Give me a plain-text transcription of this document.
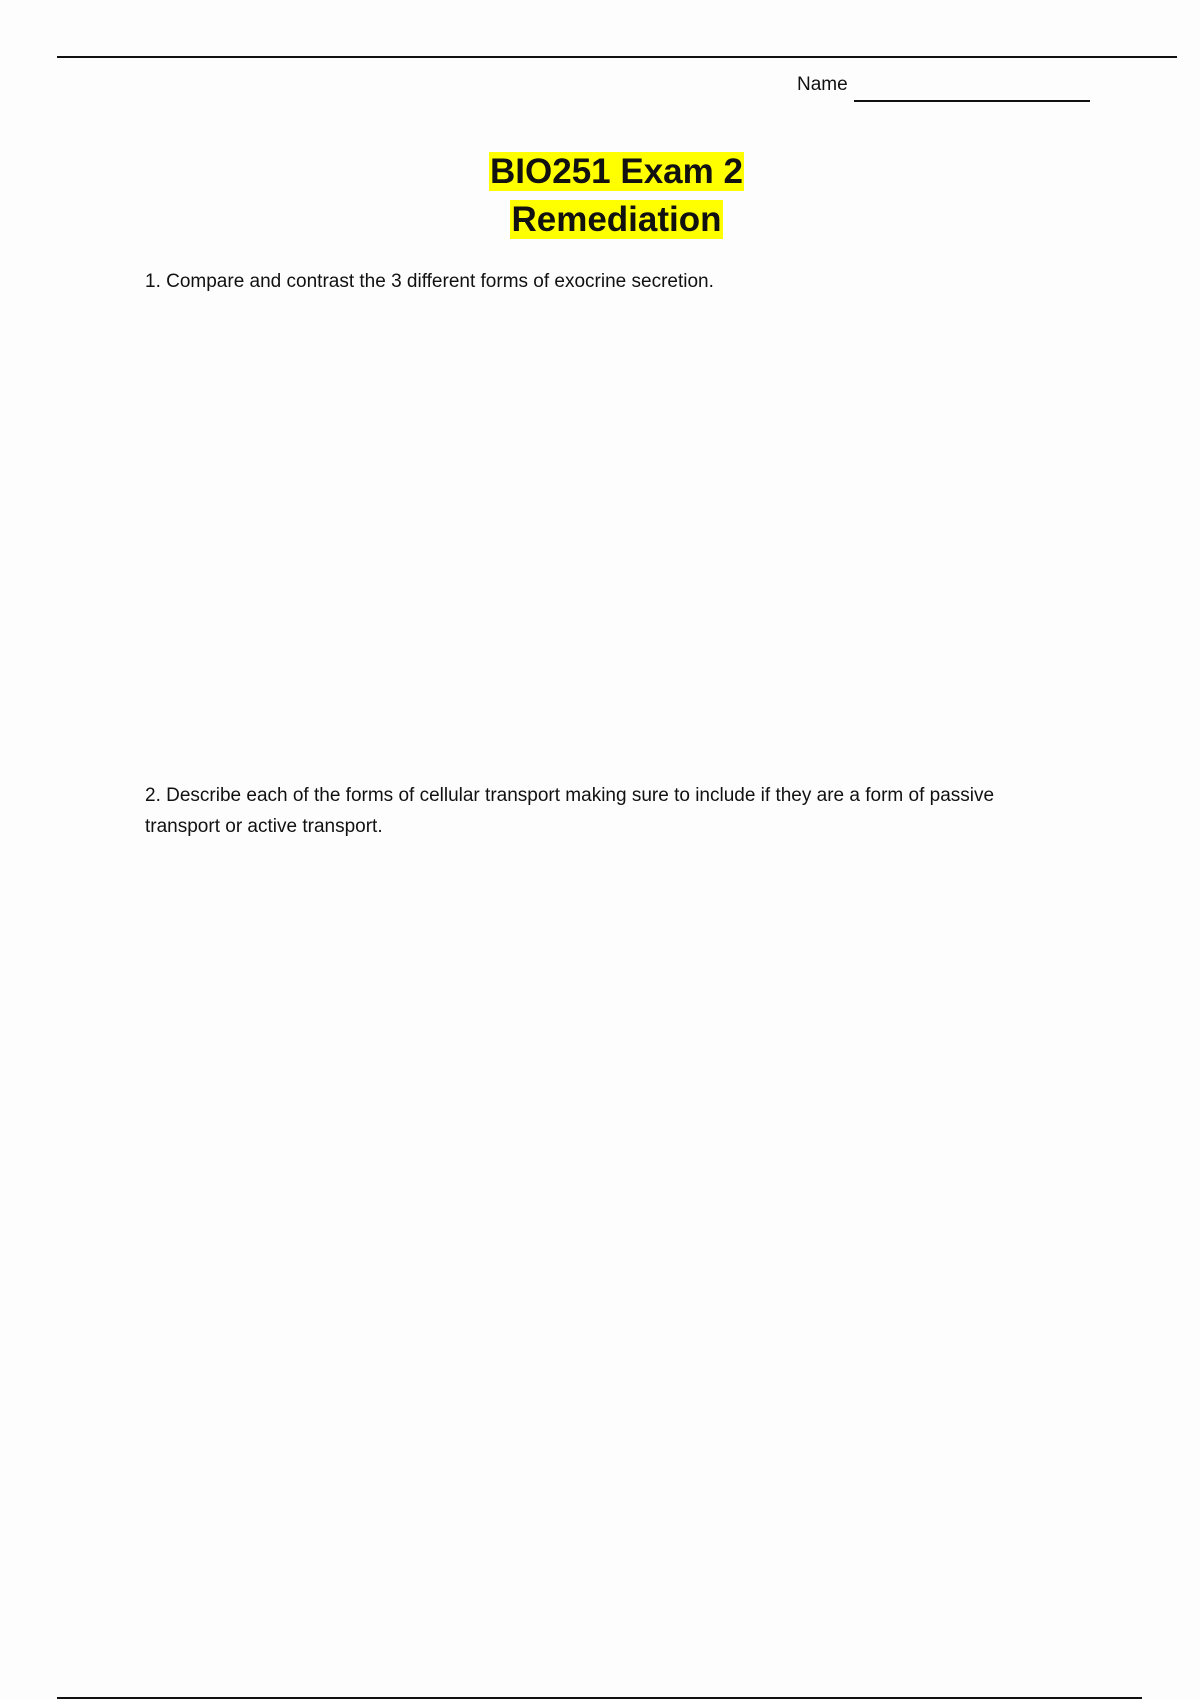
Name
BIO251 Exam 2
Remediation
1. Compare and contrast the 3 different forms of exocrine secretion.
2. Describe each of the forms of cellular transport making sure to include if they are a form of passive transport or active transport.
